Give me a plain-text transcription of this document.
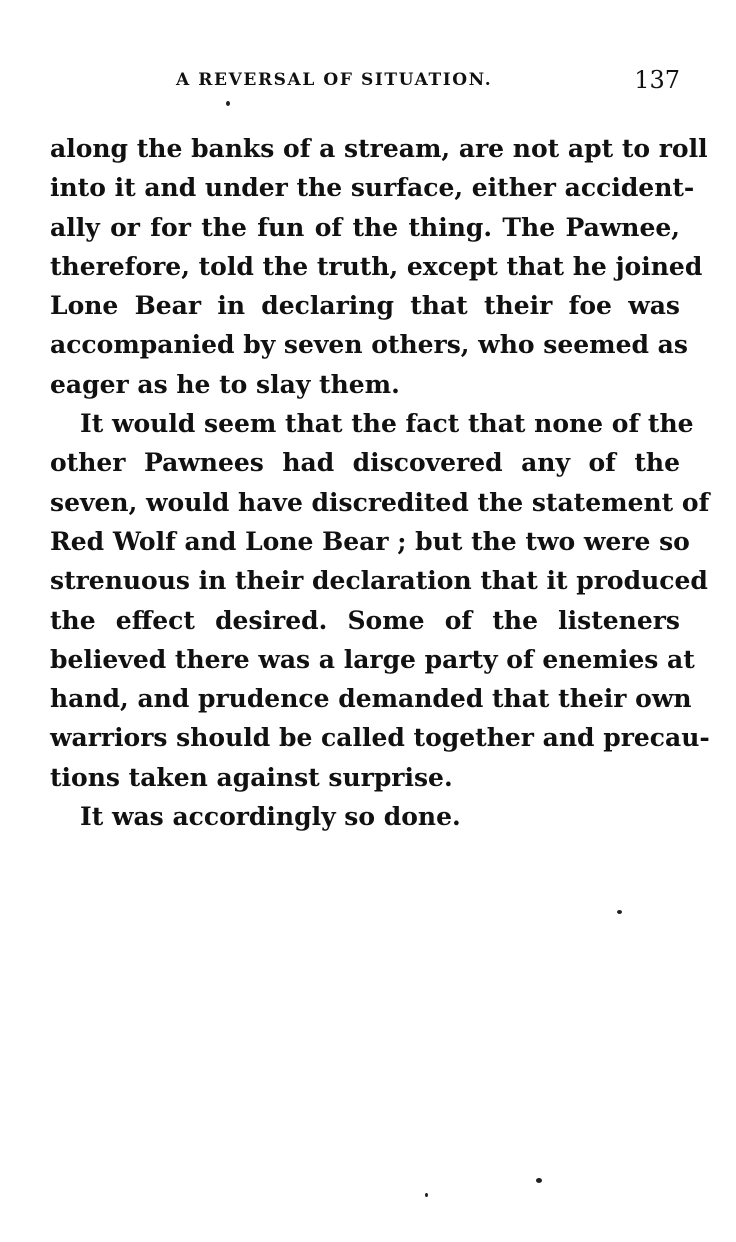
A REVERSAL OF SITUATION.	137
along the banks of a stream, are not apt to roll
into it and under the surface, either accident-
ally or for the fun of the thing. The Pawnee,
therefore, told the truth, except that he joined
Lone Bear in declaring that their foe was
accompanied by seven others, who seemed as
eager as he to slay them.
It would seem that the fact that none of the
other Pawnees had discovered any of the
seven, would have discredited the statement of
Red Wolf and Lone Bear ; but the two were so
strenuous in their declaration that it produced
the effect desired. Some of the listeners
believed there was a large party of enemies at
hand, and prudence demanded that their own
warriors should be called together and precau-
tions taken against surprise.
It was accordingly so done.
